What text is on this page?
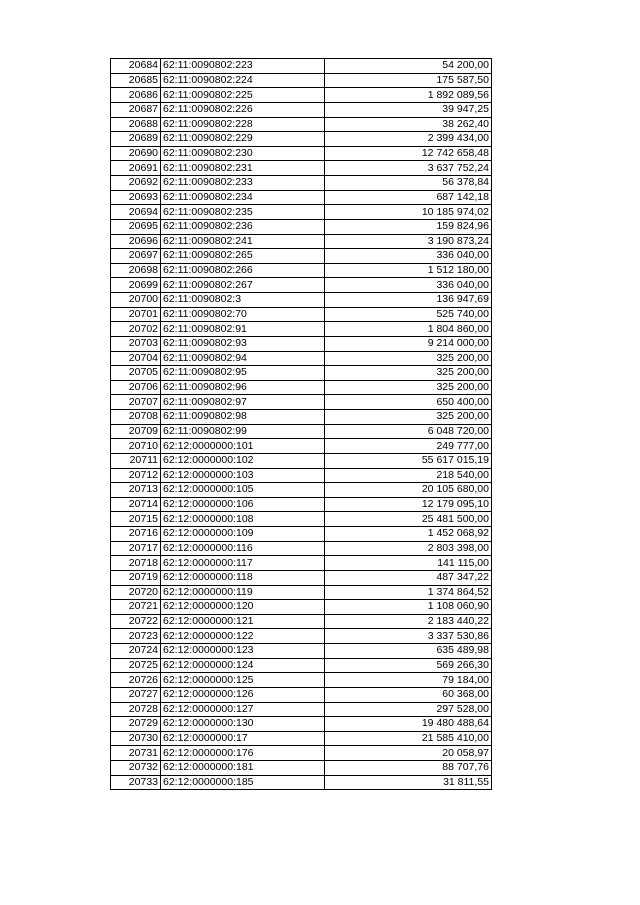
20684	62:11:0090802:223	54 200,00
20685	62:11:0090802:224	175 587,50
20686	62:11:0090802:225	1 892 089,56
20687	62:11:0090802:226	39 947,25
20688	62:11:0090802:228	38 262,40
20689	62:11:0090802:229	2 399 434,00
20690	62:11:0090802:230	12 742 658,48
20691	62:11:0090802:231	3 637 752,24
20692	62:11:0090802:233	56 378,84
20693	62:11:0090802:234	687 142,18
20694	62:11:0090802:235	10 185 974,02
20695	62:11:0090802:236	159 824,96
20696	62:11:0090802:241	3 190 873,24
20697	62:11:0090802:265	336 040,00
20698	62:11:0090802:266	1 512 180,00
20699	62:11:0090802:267	336 040,00
20700	62:11:0090802:3	136 947,69
20701	62:11:0090802:70	525 740,00
20702	62:11:0090802:91	1 804 860,00
20703	62:11:0090802:93	9 214 000,00
20704	62:11:0090802:94	325 200,00
20705	62:11:0090802:95	325 200,00
20706	62:11:0090802:96	325 200,00
20707	62:11:0090802:97	650 400,00
20708	62:11:0090802:98	325 200,00
20709	62:11:0090802:99	6 048 720,00
20710	62:12:0000000:101	249 777,00
20711	62:12:0000000:102	55 617 015,19
20712	62:12:0000000:103	218 540,00
20713	62:12:0000000:105	20 105 680,00
20714	62:12:0000000:106	12 179 095,10
20715	62:12:0000000:108	25 481 500,00
20716	62:12:0000000:109	1 452 068,92
20717	62:12:0000000:116	2 803 398,00
20718	62:12:0000000:117	141 115,00
20719	62:12:0000000:118	487 347,22
20720	62:12:0000000:119	1 374 864,52
20721	62:12:0000000:120	1 108 060,90
20722	62:12:0000000:121	2 183 440,22
20723	62:12:0000000:122	3 337 530,86
20724	62:12:0000000:123	635 489,98
20725	62:12:0000000:124	569 266,30
20726	62:12:0000000:125	79 184,00
20727	62:12:0000000:126	60 368,00
20728	62:12:0000000:127	297 528,00
20729	62:12:0000000:130	19 480 488,64
20730	62:12:0000000:17	21 585 410,00
20731	62:12:0000000:176	20 058,97
20732	62:12:0000000:181	88 707,76
20733	62:12:0000000:185	31 811,55
